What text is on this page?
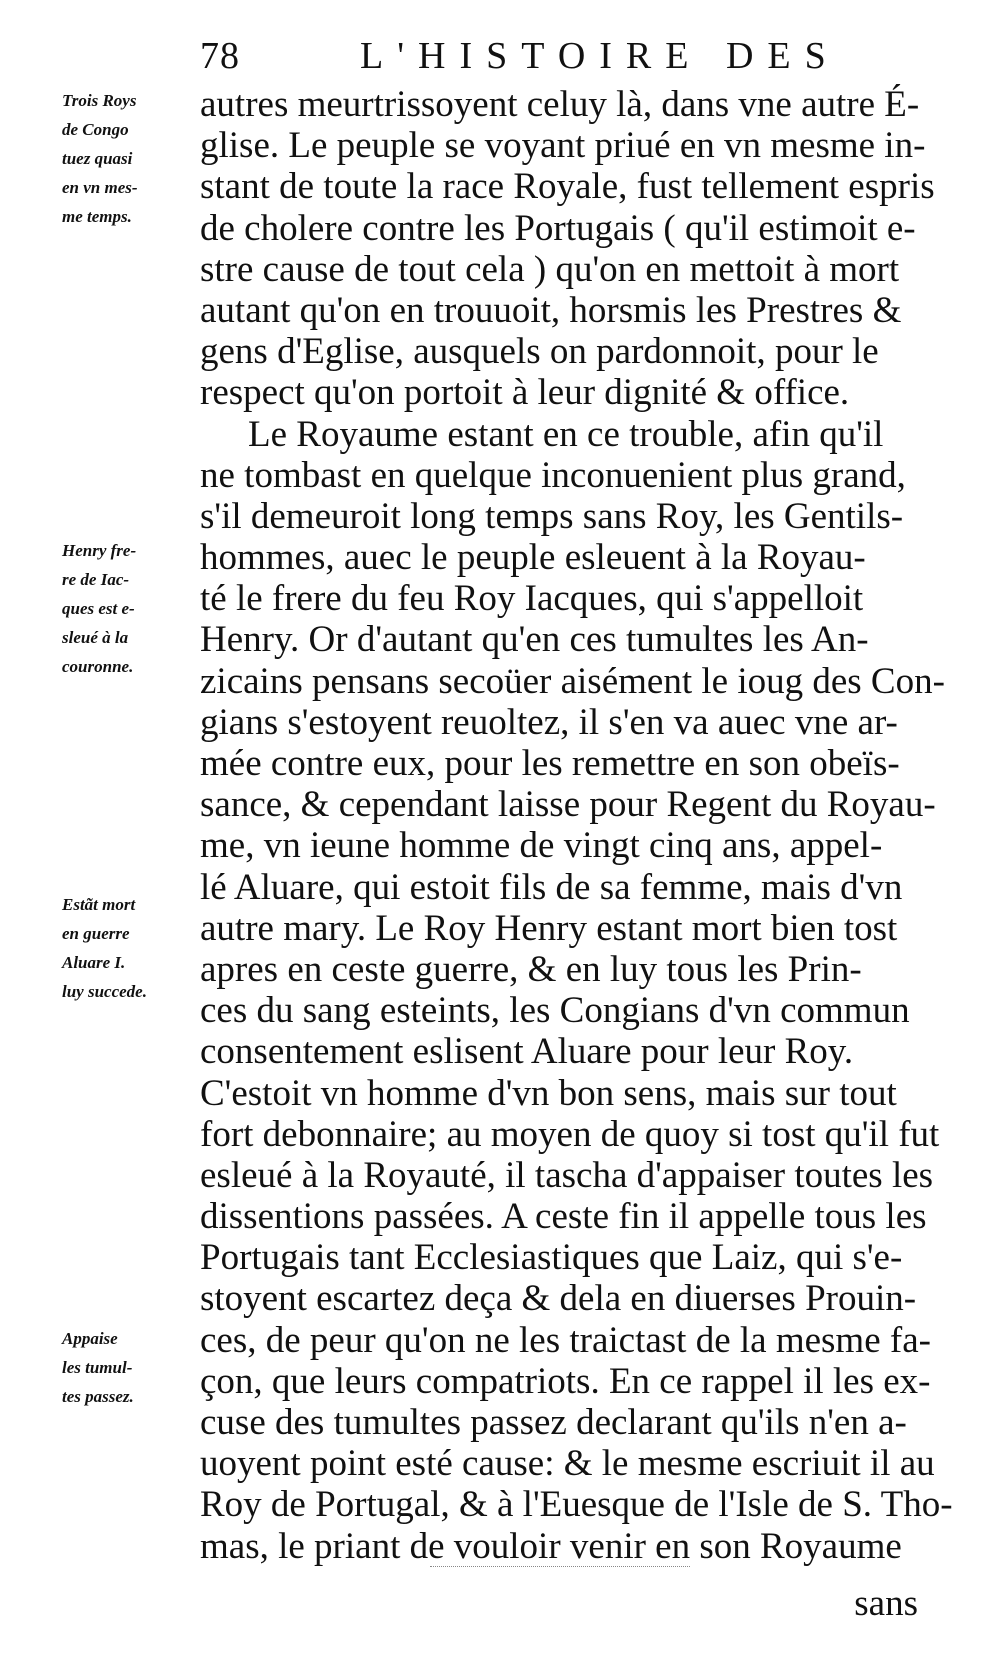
78	L'HISTOIRE DES
autres meurtrissoyent celuy là, dans vne autre É-
glise. Le peuple se voyant priué en vn mesme in-
stant de toute la race Royale, fust tellement espris
de cholere contre les Portugais ( qu'il estimoit e-
stre cause de tout cela ) qu'on en mettoit à mort
autant qu'on en trouuoit, horsmis les Prestres &
gens d'Eglise, ausquels on pardonnoit, pour le
respect qu'on portoit à leur dignité & office.
Le Royaume estant en ce trouble, afin qu'il
ne tombast en quelque inconuenient plus grand,
s'il demeuroit long temps sans Roy, les Gentils-
hommes, auec le peuple esleuent à la Royau-
té le frere du feu Roy Iacques, qui s'appelloit
Henry. Or d'autant qu'en ces tumultes les An-
zicains pensans secoüer aisément le ioug des Con-
gians s'estoyent reuoltez, il s'en va auec vne ar-
mée contre eux, pour les remettre en son obeïs-
sance, & cependant laisse pour Regent du Royau-
me, vn ieune homme de vingt cinq ans, appel-
lé Aluare, qui estoit fils de sa femme, mais d'vn
autre mary. Le Roy Henry estant mort bien tost
apres en ceste guerre, & en luy tous les Prin-
ces du sang esteints, les Congians d'vn commun
consentement eslisent Aluare pour leur Roy.
C'estoit vn homme d'vn bon sens, mais sur tout
fort debonnaire; au moyen de quoy si tost qu'il fut
esleué à la Royauté, il tascha d'appaiser toutes les
dissentions passées. A ceste fin il appelle tous les
Portugais tant Ecclesiastiques que Laiz, qui s'e-
stoyent escartez deça & dela en diuerses Prouin-
ces, de peur qu'on ne les traictast de la mesme fa-
çon, que leurs compatriots. En ce rappel il les ex-
cuse des tumultes passez declarant qu'ils n'en a-
uoyent point esté cause: & le mesme escriuit il au
Roy de Portugal, & à l'Euesque de l'Isle de S. Tho-
mas, le priant de vouloir venir en son Royaume
Trois Roys
de Congo
tuez quasi
en vn mes-
me temps.
Henry fre-
re de Iac-
ques est e-
sleué à la
couronne.
Estãt mort
en guerre
Aluare I.
luy succede.
Appaise
les tumul-
tes passez.
sans
